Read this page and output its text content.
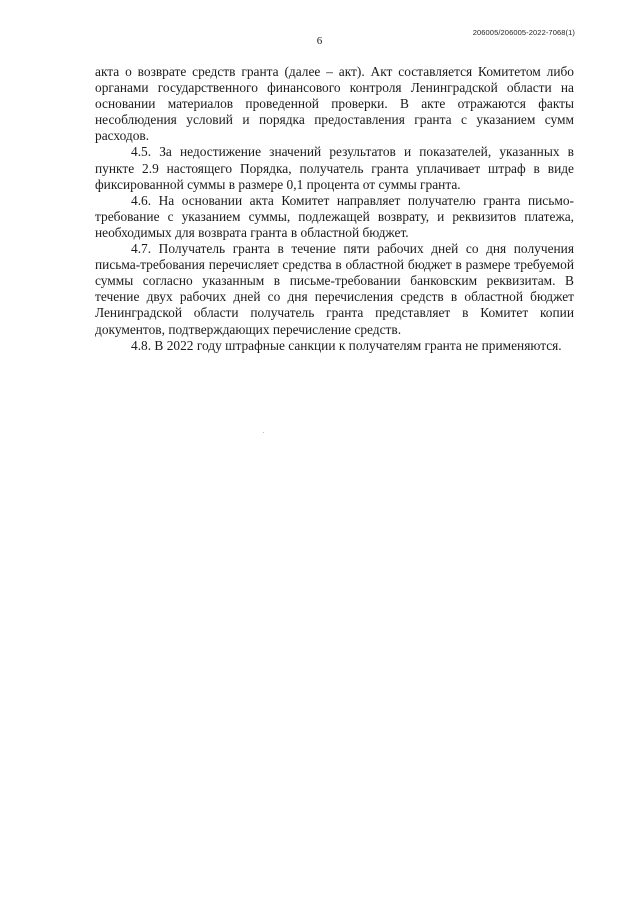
206005/206005-2022-7068(1)
6

акта о возврате средств гранта (далее – акт). Акт составляется Комитетом либо органами государственного финансового контроля Ленинградской области на основании материалов проведенной проверки. В акте отражаются факты несоблюдения условий и порядка предоставления гранта с указанием сумм расходов.

4.5. За недостижение значений результатов и показателей, указанных в пункте 2.9 настоящего Порядка, получатель гранта уплачивает штраф в виде фиксированной суммы в размере 0,1 процента от суммы гранта.

4.6. На основании акта Комитет направляет получателю гранта письмо-требование с указанием суммы, подлежащей возврату, и реквизитов платежа, необходимых для возврата гранта в областной бюджет.

4.7. Получатель гранта в течение пяти рабочих дней со дня получения письма-требования перечисляет средства в областной бюджет в размере требуемой суммы согласно указанным в письме-требовании банковским реквизитам. В течение двух рабочих дней со дня перечисления средств в областной бюджет Ленинградской области получатель гранта представляет в Комитет копии документов, подтверждающих перечисление средств.

4.8. В 2022 году штрафные санкции к получателям гранта не применяются.
